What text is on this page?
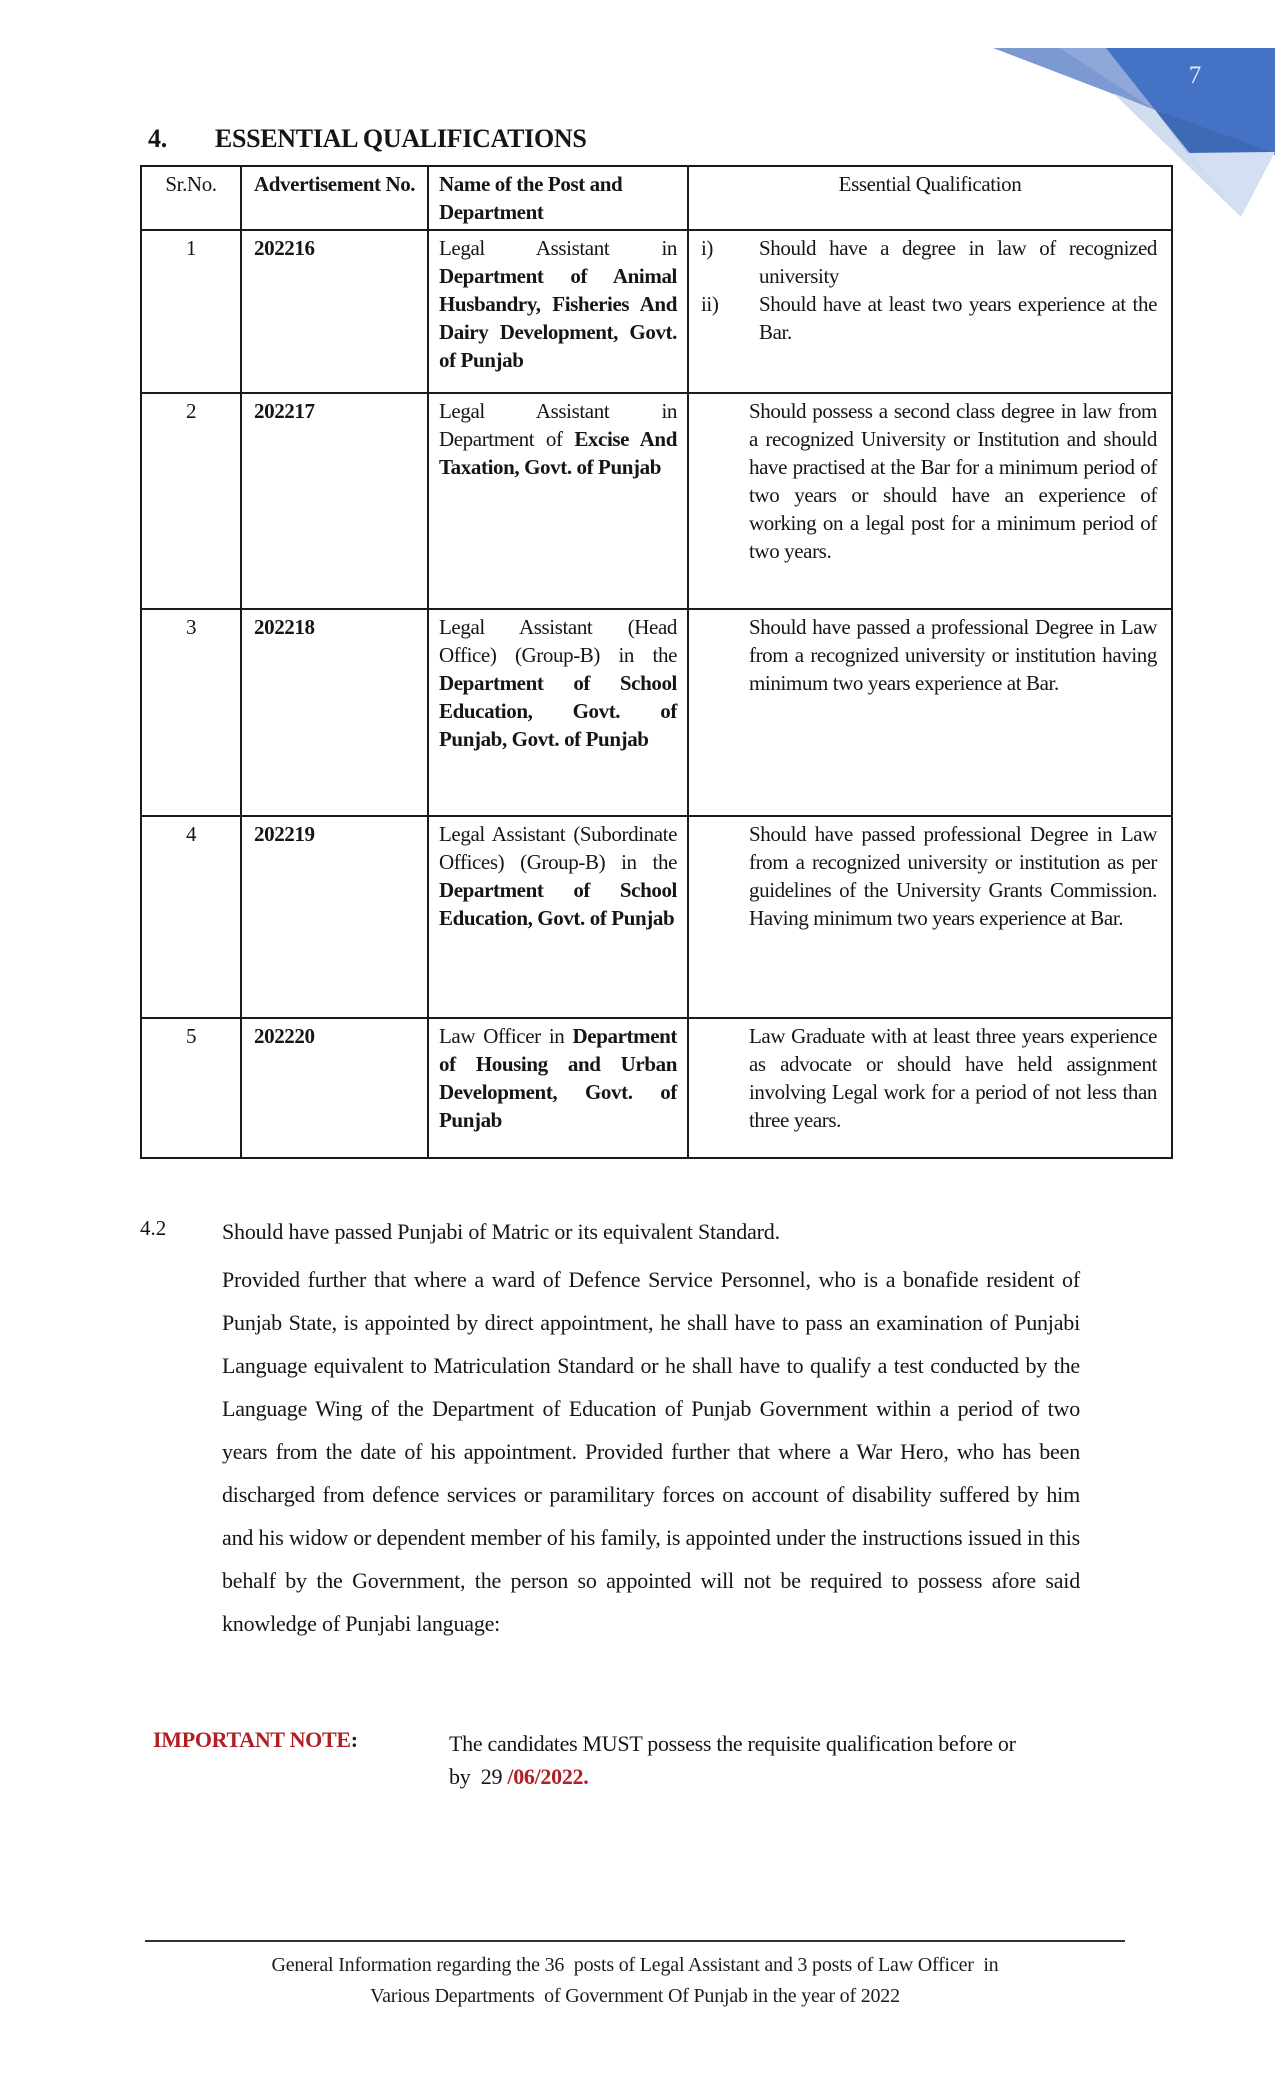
7
4. ESSENTIAL QUALIFICATIONS
Sr.No.	Advertisement No.	Name of the Post and Department	Essential Qualification
1	202216	Legal Assistant in Department of Animal Husbandry, Fisheries And Dairy Development, Govt. of Punjab	i) Should have a degree in law of recognized university
ii) Should have at least two years experience at the Bar.

2	202217	Legal Assistant in Department of Excise And Taxation, Govt. of Punjab	Should possess a second class degree in law from a recognized University or Institution and should have practised at the Bar for a minimum period of two years or should have an experience of working on a legal post for a minimum period of two years.
3	202218	Legal Assistant (Head Office) (Group-B) in the Department of School Education, Govt. of Punjab, Govt. of Punjab	Should have passed a professional Degree in Law from a recognized university or institution having minimum two years experience at Bar.
4	202219	Legal Assistant (Subordinate Offices) (Group-B) in the Department of School Education, Govt. of Punjab	Should have passed professional Degree in Law from a recognized university or institution as per guidelines of the University Grants Commission. Having minimum two years experience at Bar.
5	202220	Law Officer in Department of Housing and Urban Development, Govt. of Punjab	Law Graduate with at least three years experience as advocate or should have held assignment involving Legal work for a period of not less than three years.
4.2	Should have passed Punjabi of Matric or its equivalent Standard.

Provided further that where a ward of Defence Service Personnel, who is a bonafide resident of Punjab State, is appointed by direct appointment, he shall have to pass an examination of Punjabi Language equivalent to Matriculation Standard or he shall have to qualify a test conducted by the Language Wing of the Department of Education of Punjab Government within a period of two years from the date of his appointment. Provided further that where a War Hero, who has been discharged from defence services or paramilitary forces on account of disability suffered by him and his widow or dependent member of his family, is appointed under the instructions issued in this behalf by the Government, the person so appointed will not be required to possess afore said knowledge of Punjabi language:

IMPORTANT NOTE:	The candidates MUST possess the requisite qualification before or
by  29 /06/2022.
General Information regarding the 36  posts of Legal Assistant and 3 posts of Law Officer  in
Various Departments  of Government Of Punjab in the year of 2022
